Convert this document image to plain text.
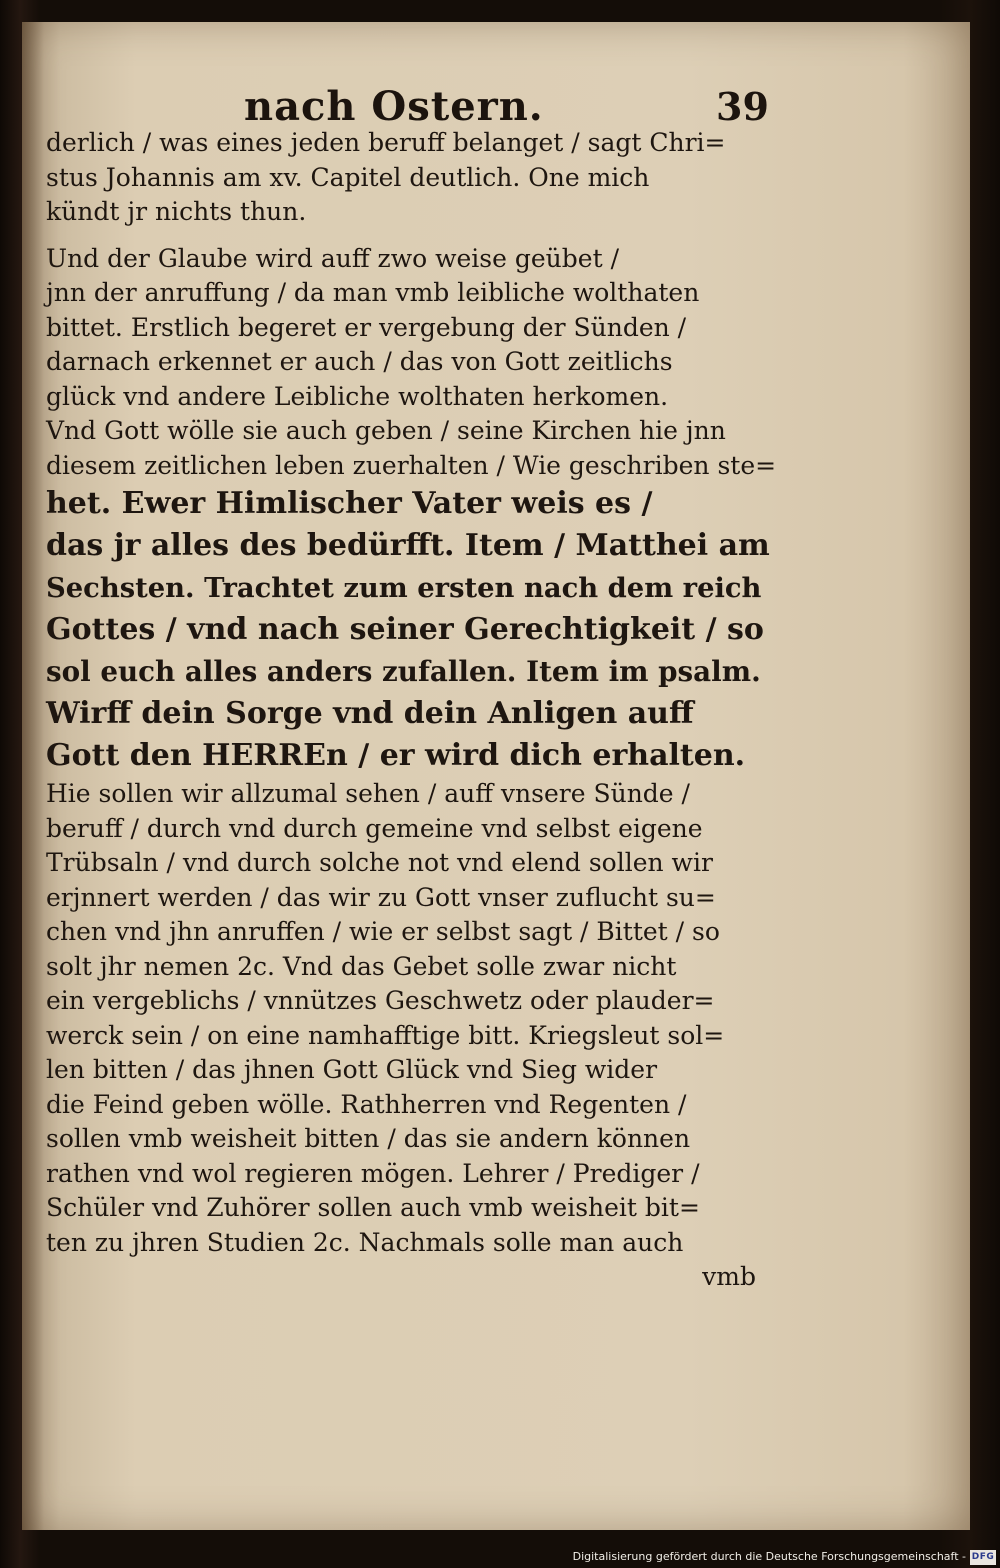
nach Ostern.	39

derlich / was eines jeden beruff belanget / sagt Chri=

stus Johannis am xv. Capitel deutlich. One mich

kündt jr nichts thun.

Und der Glaube wird auff zwo weise geübet /

jnn der anruffung / da man vmb leibliche wolthaten

bittet. Erstlich begeret er vergebung der Sünden /

darnach erkennet er auch / das von Gott zeitlichs

glück vnd andere Leibliche wolthaten herkomen.

Vnd Gott wölle sie auch geben / seine Kirchen hie jnn

diesem zeitlichen leben zuerhalten / Wie geschriben ste=

het. Ewer Himlischer Vater weis es /

das jr alles des bedürfft. Item / Matthei am

Sechsten. Trachtet zum ersten nach dem reich

Gottes / vnd nach seiner Gerechtigkeit / so

sol euch alles anders zufallen. Item im psalm.

Wirff dein Sorge vnd dein Anligen auff

Gott den HERREn / er wird dich erhalten.

Hie sollen wir allzumal sehen / auff vnsere Sünde /

beruff / durch vnd durch gemeine vnd selbst eigene

Trübsaln / vnd durch solche not vnd elend sollen wir

erjnnert werden / das wir zu Gott vnser zuflucht su=

chen vnd jhn anruffen / wie er selbst sagt / Bittet / so

solt jhr nemen 2c. Vnd das Gebet solle zwar nicht

ein vergeblichs / vnnützes Geschwetz oder plauder=

werck sein / on eine namhafftige bitt. Kriegsleut sol=

len bitten / das jhnen Gott Glück vnd Sieg wider

die Feind geben wölle. Rathherren vnd Regenten /

sollen vmb weisheit bitten / das sie andern können

rathen vnd wol regieren mögen. Lehrer / Prediger /

Schüler vnd Zuhörer sollen auch vmb weisheit bit=

ten zu jhren Studien 2c. Nachmals solle man auch

vmb

Digitalisierung gefördert durch die Deutsche Forschungsgemeinschaft - DFG
